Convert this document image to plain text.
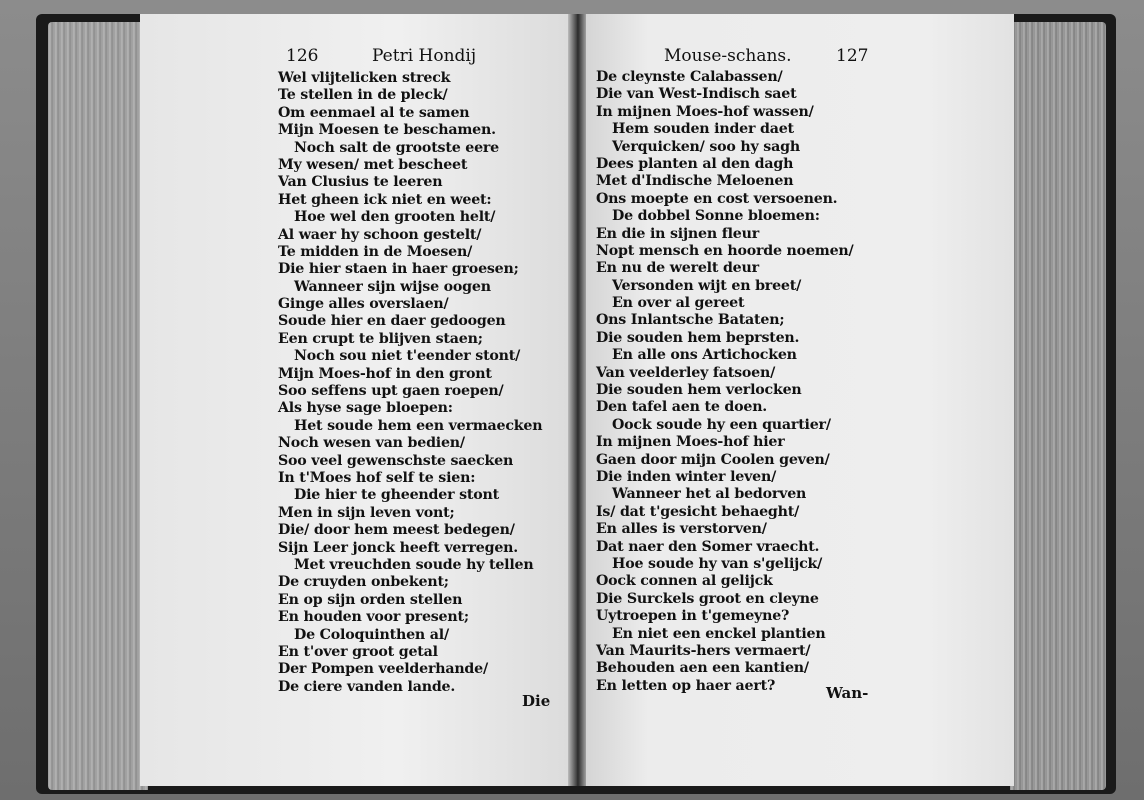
126	Petri Hondij	Mouse-schans.	127
Wel vlijtelicken streck
Te stellen in de pleck/
Om eenmael al te samen
Mijn Moesen te beschamen.
Noch salt de grootste eere
My wesen/ met bescheet
Van Clusius te leeren
Het gheen ick niet en weet:
Hoe wel den grooten helt/
Al waer hy schoon gestelt/
Te midden in de Moesen/
Die hier staen in haer groesen;
Wanneer sijn wijse oogen
Ginge alles overslaen/
Soude hier en daer gedoogen
Een crupt te blijven staen;
Noch sou niet t'eender stont/
Mijn Moes-hof in den gront
Soo seffens upt gaen roepen/
Als hyse sage bloepen:
Het soude hem een vermaecken
Noch wesen van bedien/
Soo veel gewenschste saecken
In t'Moes hof self te sien:
Die hier te gheender stont
Men in sijn leven vont;
Die/ door hem meest bedegen/
Sijn Leer jonck heeft verregen.
Met vreuchden soude hy tellen
De cruyden onbekent;
En op sijn orden stellen
En houden voor present;
De Coloquinthen al/
En t'over groot getal
Der Pompen veelderhande/
De ciere vanden lande.
De cleynste Calabassen/
Die van West-Indisch saet
In mijnen Moes-hof wassen/
Hem souden inder daet
Verquicken/ soo hy sagh
Dees planten al den dagh
Met d'Indische Meloenen
Ons moepte en cost versoenen.
De dobbel Sonne bloemen:
En die in sijnen fleur
Nopt mensch en hoorde noemen/
En nu de werelt deur
Versonden wijt en breet/
En over al gereet
Ons Inlantsche Bataten;
Die souden hem beprsten.
En alle ons Artichocken
Van veelderley fatsoen/
Die souden hem verlocken
Den tafel aen te doen.
Oock soude hy een quartier/
In mijnen Moes-hof hier
Gaen door mijn Coolen geven/
Die inden winter leven/
Wanneer het al bedorven
Is/ dat t'gesicht behaeght/
En alles is verstorven/
Dat naer den Somer vraecht.
Hoe soude hy van s'gelijck/
Oock connen al gelijck
Die Surckels groot en cleyne
Uytroepen in t'gemeyne?
En niet een enckel plantien
Van Maurits-hers vermaert/
Behouden aen een kantien/
En letten op haer aert?
Die	Wan-
